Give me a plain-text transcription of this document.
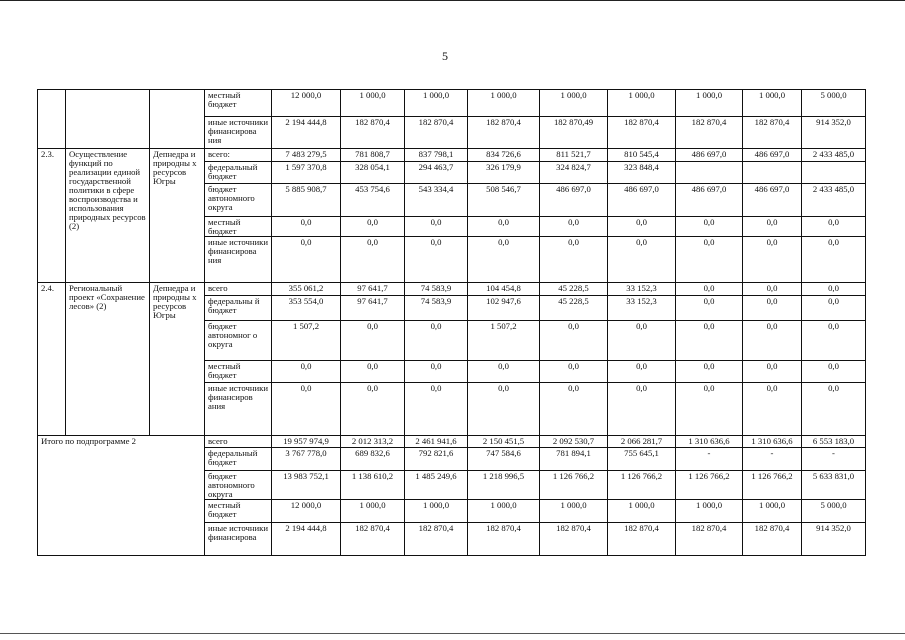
5
			местный бюджет	12 000,0	1 000,0	1 000,0	1 000,0	1 000,0	1 000,0	1 000,0	1 000,0	5 000,0
			иные источники финансирова ния	2 194 444,8	182 870,4	182 870,4	182 870,4	182 870,49	182 870,4	182 870,4	182 870,4	914 352,0
2.3.	Осуществление функций по реализации единой государственной политики в сфере воспроизводства и использования природных ресурсов (2)	Депнедра и природны х ресурсов Югры	всего:	7 483 279,5	781 808,7	837 798,1	834 726,6	811 521,7	810 545,4	486 697,0	486 697,0	2 433 485,0
			федеральный бюджет	1 597 370,8	328 054,1	294 463,7	326 179,9	324 824,7	323 848,4			
			бюджет автономного округа	5 885 908,7	453 754,6	543 334,4	508 546,7	486 697,0	486 697,0	486 697,0	486 697,0	2 433 485,0
			местный бюджет	0,0	0,0	0,0	0,0	0,0	0,0	0,0	0,0	0,0
			иные источники финансирова ния	0,0	0,0	0,0	0,0	0,0	0,0	0,0	0,0	0,0
2.4.	Региональный проект «Сохранение лесов» (2)	Депнедра и природны х ресурсов Югры	всего	355 061,2	97 641,7	74 583,9	104 454,8	45 228,5	33 152,3	0,0	0,0	0,0
			федеральны й бюджет	353 554,0	97 641,7	74 583,9	102 947,6	45 228,5	33 152,3	0,0	0,0	0,0
			бюджет автономног о округа	1 507,2	0,0	0,0	1 507,2	0,0	0,0	0,0	0,0	0,0
			местный бюджет	0,0	0,0	0,0	0,0	0,0	0,0	0,0	0,0	0,0
			иные источники финансиров ания	0,0	0,0	0,0	0,0	0,0	0,0	0,0	0,0	0,0
Итого по подпрограмме 2			всего	19 957 974,9	2 012 313,2	2 461 941,6	2 150 451,5	2 092 530,7	2 066 281,7	1 310 636,6	1 310 636,6	6 553 183,0
			федеральный бюджет	3 767 778,0	689 832,6	792 821,6	747 584,6	781 894,1	755 645,1	-	-	-
			бюджет автономного округа	13 983 752,1	1 138 610,2	1 485 249,6	1 218 996,5	1 126 766,2	1 126 766,2	1 126 766,2	1 126 766,2	5 633 831,0
			местный бюджет	12 000,0	1 000,0	1 000,0	1 000,0	1 000,0	1 000,0	1 000,0	1 000,0	5 000,0
			иные источники финансирова	2 194 444,8	182 870,4	182 870,4	182 870,4	182 870,4	182 870,4	182 870,4	182 870,4	914 352,0
